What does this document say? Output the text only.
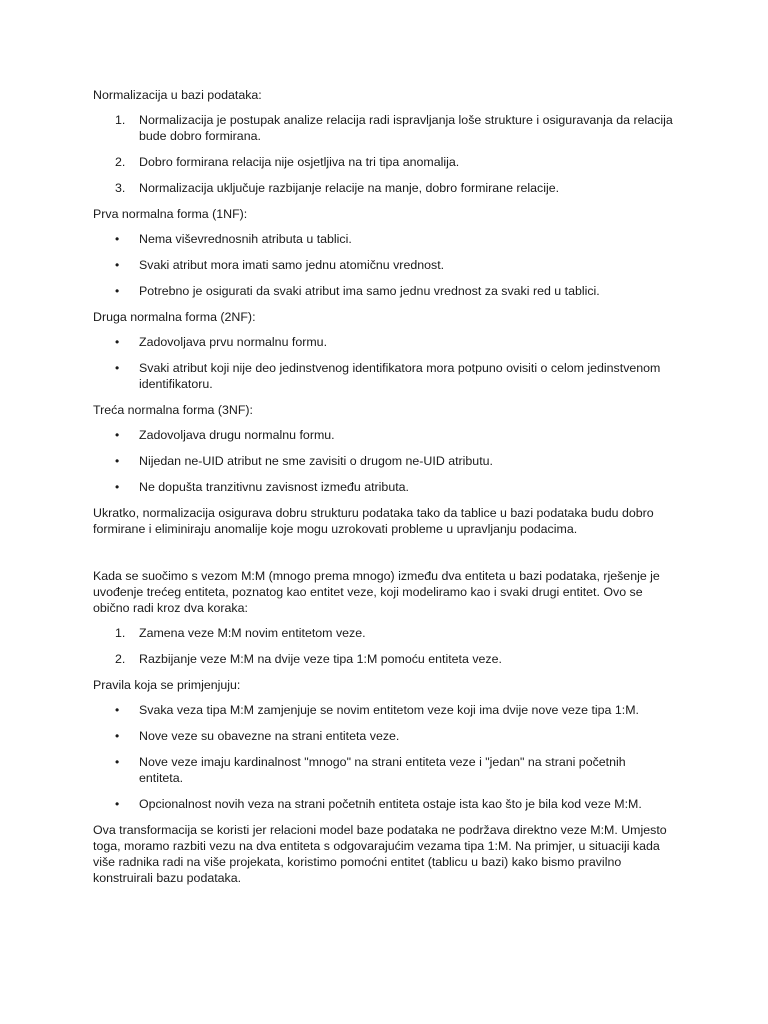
Normalizacija u bazi podataka:

1.	Normalizacija je postupak analize relacija radi ispravljanja loše strukture i osiguravanja da relacija bude dobro formirana.
2.	Dobro formirana relacija nije osjetljiva na tri tipa anomalija.
3.	Normalizacija uključuje razbijanje relacije na manje, dobro formirane relacije.

Prva normalna forma (1NF):

•	Nema viševrednosnih atributa u tablici.
•	Svaki atribut mora imati samo jednu atomičnu vrednost.
•	Potrebno je osigurati da svaki atribut ima samo jednu vrednost za svaki red u tablici.

Druga normalna forma (2NF):

•	Zadovoljava prvu normalnu formu.
•	Svaki atribut koji nije deo jedinstvenog identifikatora mora potpuno ovisiti o celom jedinstvenom identifikatoru.

Treća normalna forma (3NF):

•	Zadovoljava drugu normalnu formu.
•	Nijedan ne-UID atribut ne sme zavisiti o drugom ne-UID atributu.
•	Ne dopušta tranzitivnu zavisnost između atributa.

Ukratko, normalizacija osigurava dobru strukturu podataka tako da tablice u bazi podataka budu dobro formirane i eliminiraju anomalije koje mogu uzrokovati probleme u upravljanju podacima.

Kada se suočimo s vezom M:M (mnogo prema mnogo) između dva entiteta u bazi podataka, rješenje je uvođenje trećeg entiteta, poznatog kao entitet veze, koji modeliramo kao i svaki drugi entitet. Ovo se obično radi kroz dva koraka:

1.	Zamena veze M:M novim entitetom veze.
2.	Razbijanje veze M:M na dvije veze tipa 1:M pomoću entiteta veze.

Pravila koja se primjenjuju:

•	Svaka veza tipa M:M zamjenjuje se novim entitetom veze koji ima dvije nove veze tipa 1:M.
•	Nove veze su obavezne na strani entiteta veze.
•	Nove veze imaju kardinalnost "mnogo" na strani entiteta veze i "jedan" na strani početnih entiteta.
•	Opcionalnost novih veza na strani početnih entiteta ostaje ista kao što je bila kod veze M:M.

Ova transformacija se koristi jer relacioni model baze podataka ne podržava direktno veze M:M. Umjesto toga, moramo razbiti vezu na dva entiteta s odgovarajućim vezama tipa 1:M. Na primjer, u situaciji kada više radnika radi na više projekata, koristimo pomoćni entitet (tablicu u bazi) kako bismo pravilno konstruirali bazu podataka.
